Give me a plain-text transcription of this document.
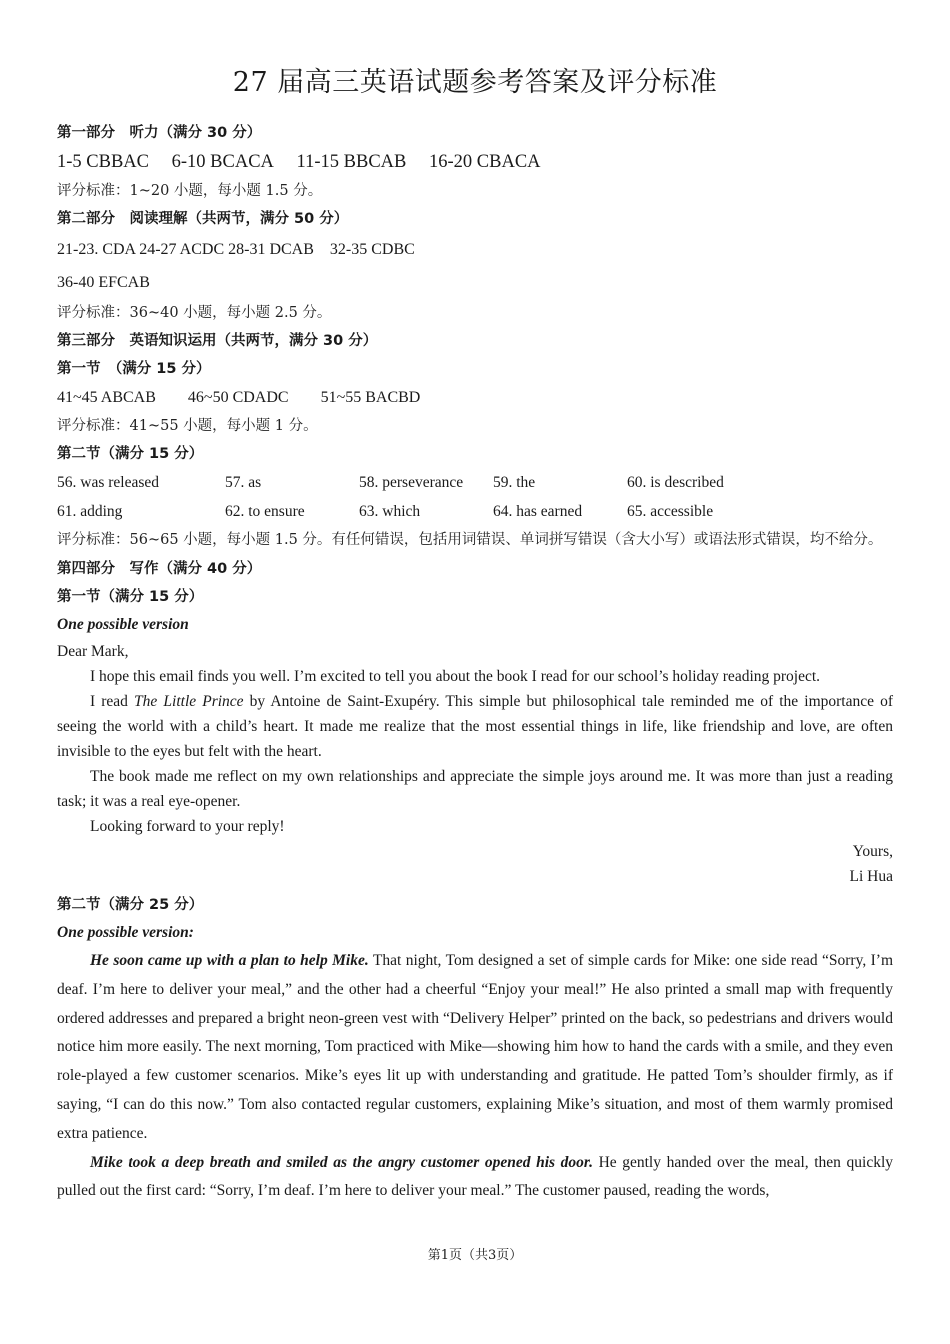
27 届高三英语试题参考答案及评分标准
第一部分　听力（满分 30 分）
1-5 CBBAC 6-10 BCACA 11-15 BBCAB 16-20 CBACA
评分标准：1~20 小题，每小题 1.5 分。
第二部分　阅读理解（共两节，满分 50 分）
21-23. CDA 24-27 ACDC 28-31 DCAB 32-35 CDBC
36-40 EFCAB
评分标准：36~40 小题，每小题 2.5 分。
第三部分　英语知识运用（共两节，满分 30 分）
第一节　（满分 15 分）
41~45 ABCAB 46~50 CDADC 51~55 BACBD
评分标准：41~55 小题，每小题 1 分。
第二节（满分 15 分）
56. was released	57. as	58. perseverance	59. the	60. is described
61. adding	62. to ensure	63. which	64. has earned	65. accessible
评分标准：56~65 小题，每小题 1.5 分。有任何错误，包括用词错误、单词拼写错误（含大小写）或语法形式错误，均不给分。
第四部分　写作（满分 40 分）
第一节（满分 15 分）
One possible version

Dear Mark,

I hope this email finds you well. I’m excited to tell you about the book I read for our school’s holiday reading project.

I read The Little Prince by Antoine de Saint-Exupéry. This simple but philosophical tale reminded me of the importance of seeing the world with a child’s heart. It made me realize that the most essential things in life, like friendship and love, are often invisible to the eyes but felt with the heart.

The book made me reflect on my own relationships and appreciate the simple joys around me. It was more than just a reading task; it was a real eye-opener.

Looking forward to your reply!

Yours,
Li Hua
第二节（满分 25 分）
One possible version:

He soon came up with a plan to help Mike. That night, Tom designed a set of simple cards for Mike: one side read “Sorry, I’m deaf. I’m here to deliver your meal,” and the other had a cheerful “Enjoy your meal!” He also printed a small map with frequently ordered addresses and prepared a bright neon-green vest with “Delivery Helper” printed on the back, so pedestrians and drivers would notice him more easily. The next morning, Tom practiced with Mike—showing him how to hand the cards with a smile, and they even role-played a few customer scenarios. Mike’s eyes lit up with understanding and gratitude. He patted Tom’s shoulder firmly, as if saying, “I can do this now.” Tom also contacted regular customers, explaining Mike’s situation, and most of them warmly promised extra patience.

Mike took a deep breath and smiled as the angry customer opened his door. He gently handed over the meal, then quickly pulled out the first card: “Sorry, I’m deaf. I’m here to deliver your meal.” The customer paused, reading the words,

第1页（共3页）
